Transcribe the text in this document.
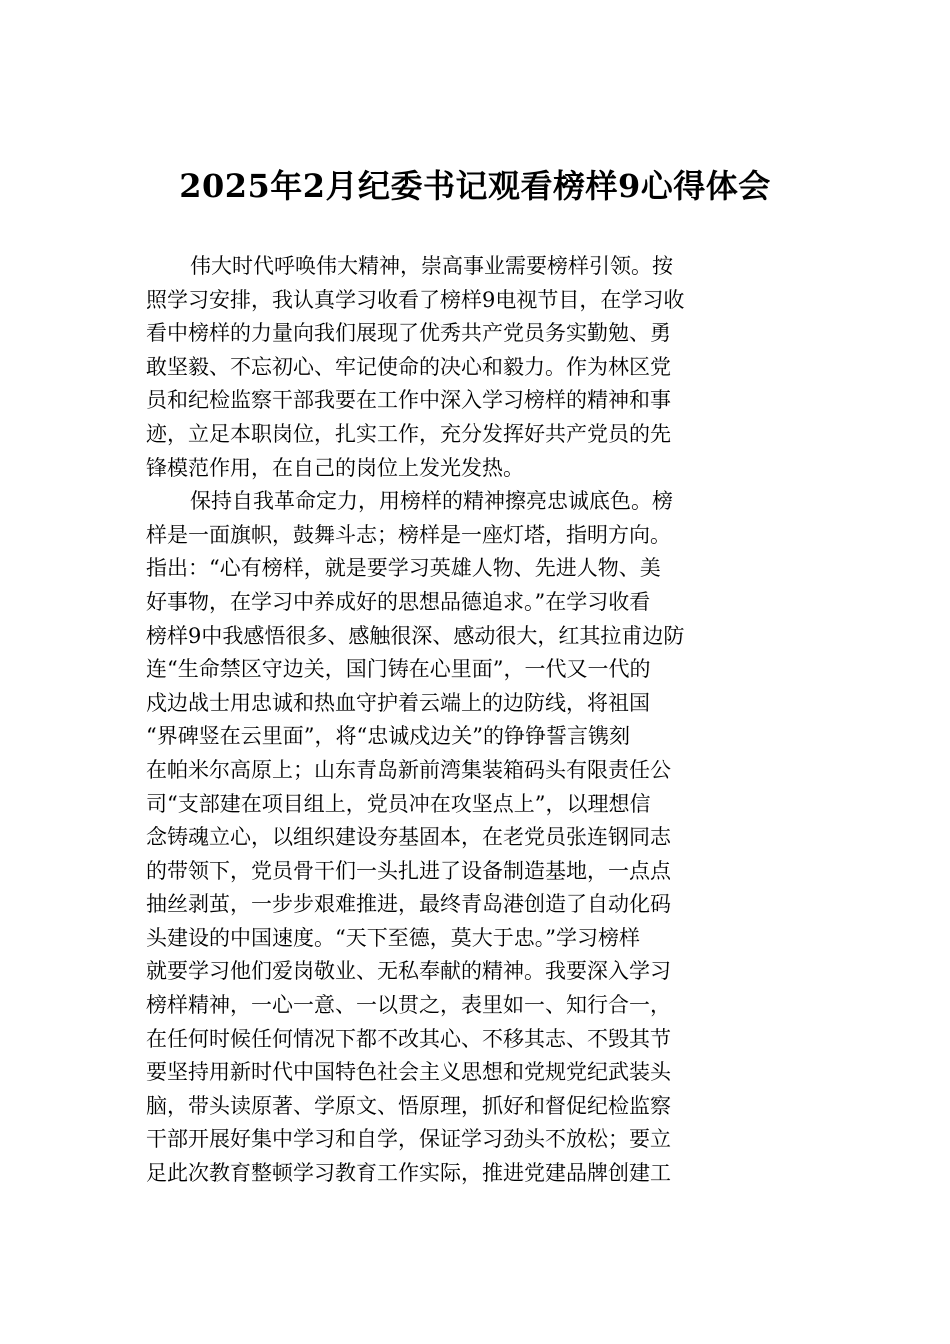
2025年2月纪委书记观看榜样9心得体会
伟大时代呼唤伟大精神，崇高事业需要榜样引领。按
照学习安排，我认真学习收看了榜样9电视节目，在学习收
看中榜样的力量向我们展现了优秀共产党员务实勤勉、勇
敢坚毅、不忘初心、牢记使命的决心和毅力。作为林区党
员和纪检监察干部我要在工作中深入学习榜样的精神和事
迹，立足本职岗位，扎实工作，充分发挥好共产党员的先
锋模范作用，在自己的岗位上发光发热。
保持自我革命定力，用榜样的精神擦亮忠诚底色。榜
样是一面旗帜，鼓舞斗志；榜样是一座灯塔，指明方向。
指出：“心有榜样，就是要学习英雄人物、先进人物、美
好事物，在学习中养成好的思想品德追求。”在学习收看
榜样9中我感悟很多、感触很深、感动很大，红其拉甫边防
连“生命禁区守边关，国门铸在心里面”，一代又一代的
戍边战士用忠诚和热血守护着云端上的边防线，将祖国
“界碑竖在云里面”，将“忠诚戍边关”的铮铮誓言镌刻
在帕米尔高原上；山东青岛新前湾集装箱码头有限责任公
司“支部建在项目组上，党员冲在攻坚点上”，以理想信
念铸魂立心，以组织建设夯基固本，在老党员张连钢同志
的带领下，党员骨干们一头扎进了设备制造基地，一点点
抽丝剥茧，一步步艰难推进，最终青岛港创造了自动化码
头建设的中国速度。“天下至德，莫大于忠。”学习榜样
就要学习他们爱岗敬业、无私奉献的精神。我要深入学习
榜样精神，一心一意、一以贯之，表里如一、知行合一，
在任何时候任何情况下都不改其心、不移其志、不毁其节
要坚持用新时代中国特色社会主义思想和党规党纪武装头
脑，带头读原著、学原文、悟原理，抓好和督促纪检监察
干部开展好集中学习和自学，保证学习劲头不放松；要立
足此次教育整顿学习教育工作实际，推进党建品牌创建工
